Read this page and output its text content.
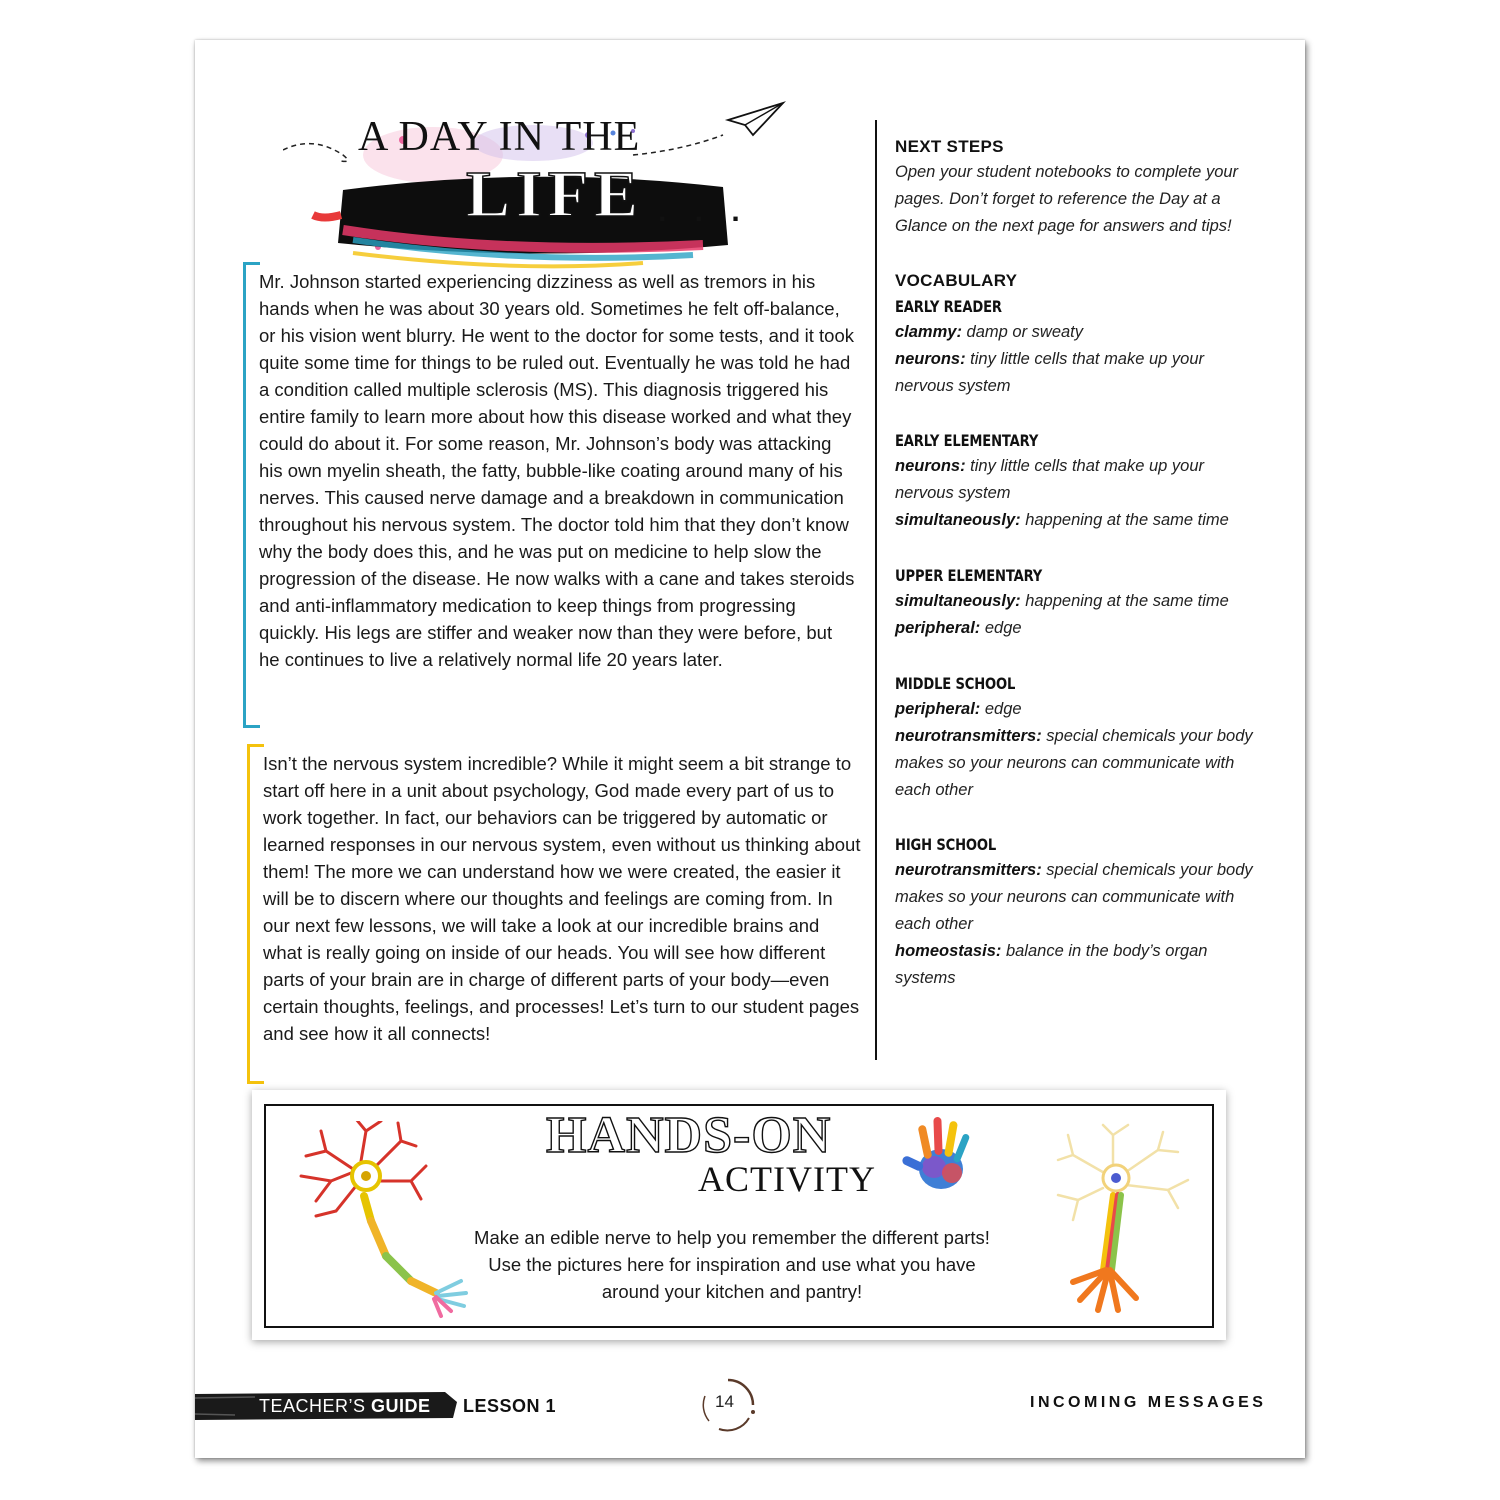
A DAY IN THE
LIFE . . .

Mr. Johnson started experiencing dizziness as well as tremors in his hands when he was about 30 years old. Sometimes he felt off-balance, or his vision went blurry. He went to the doctor for some tests, and it took quite some time for things to be ruled out. Eventually he was told he had a condition called multiple sclerosis (MS). This diagnosis triggered his entire family to learn more about how this disease worked and what they could do about it. For some reason, Mr. Johnson’s body was attacking his own myelin sheath, the fatty, bubble-like coating around many of his nerves. This caused nerve damage and a breakdown in communication throughout his nervous system. The doctor told him that they don’t know why the body does this, and he was put on medicine to help slow the progression of the disease. He now walks with a cane and takes steroids and anti-inflammatory medication to keep things from progressing quickly. His legs are stiffer and weaker now than they were before, but he continues to live a relatively normal life 20 years later.

Isn’t the nervous system incredible? While it might seem a bit strange to start off here in a unit about psychology, God made every part of us to work together. In fact, our behaviors can be triggered by automatic or learned responses in our nervous system, even without us thinking about them! The more we can understand how we were created, the easier it will be to discern where our thoughts and feelings are coming from. In our next few lessons, we will take a look at our incredible brains and what is really going on inside of our heads. You will see how different parts of your brain are in charge of different parts of your body—even certain thoughts, feelings, and processes! Let’s turn to our student pages and see how it all connects!

NEXT STEPS

Open your student notebooks to complete your pages. Don’t forget to reference the Day at a Glance on the next page for answers and tips!

VOCABULARY

EARLY READER

clammy: damp or sweaty

neurons: tiny little cells that make up your nervous system

EARLY ELEMENTARY

neurons: tiny little cells that make up your nervous system

simultaneously: happening at the same time

UPPER ELEMENTARY

simultaneously: happening at the same time

peripheral: edge

MIDDLE SCHOOL

peripheral: edge

neurotransmitters: special chemicals your body makes so your neurons can communicate with each other

HIGH SCHOOL

neurotransmitters: special chemicals your body makes so your neurons can communicate with each other

homeostasis: balance in the body’s organ systems

HANDS-ON
ACTIVITY

Make an edible nerve to help you remember the different parts! Use the pictures here for inspiration and use what you have around your kitchen and pantry!

TEACHER’S GUIDE LESSON 1	14	INCOMING MESSAGES
